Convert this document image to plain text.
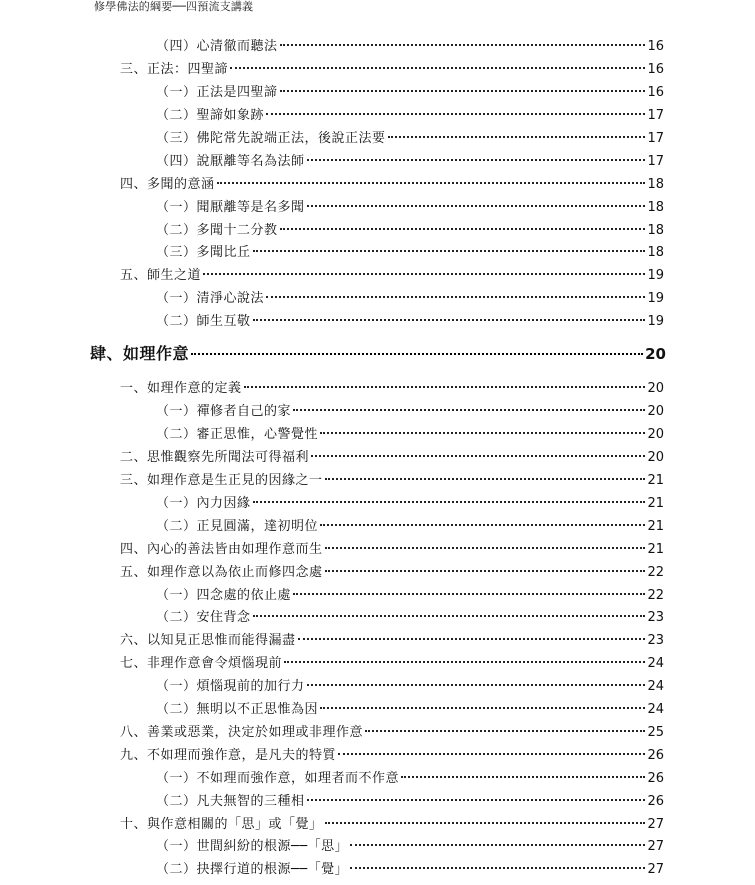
修學佛法的綱要──四預流支講義
（四）心清徹而聽法	16
三、正法：四聖諦	16
（一）正法是四聖諦	16
（二）聖諦如象跡	17
（三）佛陀常先說端正法，後說正法要	17
（四）說厭離等名為法師	17
四、多聞的意涵	18
（一）聞厭離等是名多聞	18
（二）多聞十二分教	18
（三）多聞比丘	18
五、師生之道	19
（一）清淨心說法	19
（二）師生互敬	19
肆、如理作意	20
一、如理作意的定義	20
（一）禪修者自己的家	20
（二）審正思惟，心警覺性	20
二、思惟觀察先所聞法可得福利	20
三、如理作意是生正見的因緣之一	21
（一）內力因緣	21
（二）正見圓滿，達初明位	21
四、內心的善法皆由如理作意而生	21
五、如理作意以為依止而修四念處	22
（一）四念處的依止處	22
（二）安住背念	23
六、以知見正思惟而能得漏盡	23
七、非理作意會令煩惱現前	24
（一）煩惱現前的加行力	24
（二）無明以不正思惟為因	24
八、善業或惡業，決定於如理或非理作意	25
九、不如理而強作意，是凡夫的特質	26
（一）不如理而強作意，如理者而不作意	26
（二）凡夫無智的三種相	26
十、與作意相關的「思」或「覺」	27
（一）世間糾紛的根源──「思」	27
（二）抉擇行道的根源──「覺」	27
